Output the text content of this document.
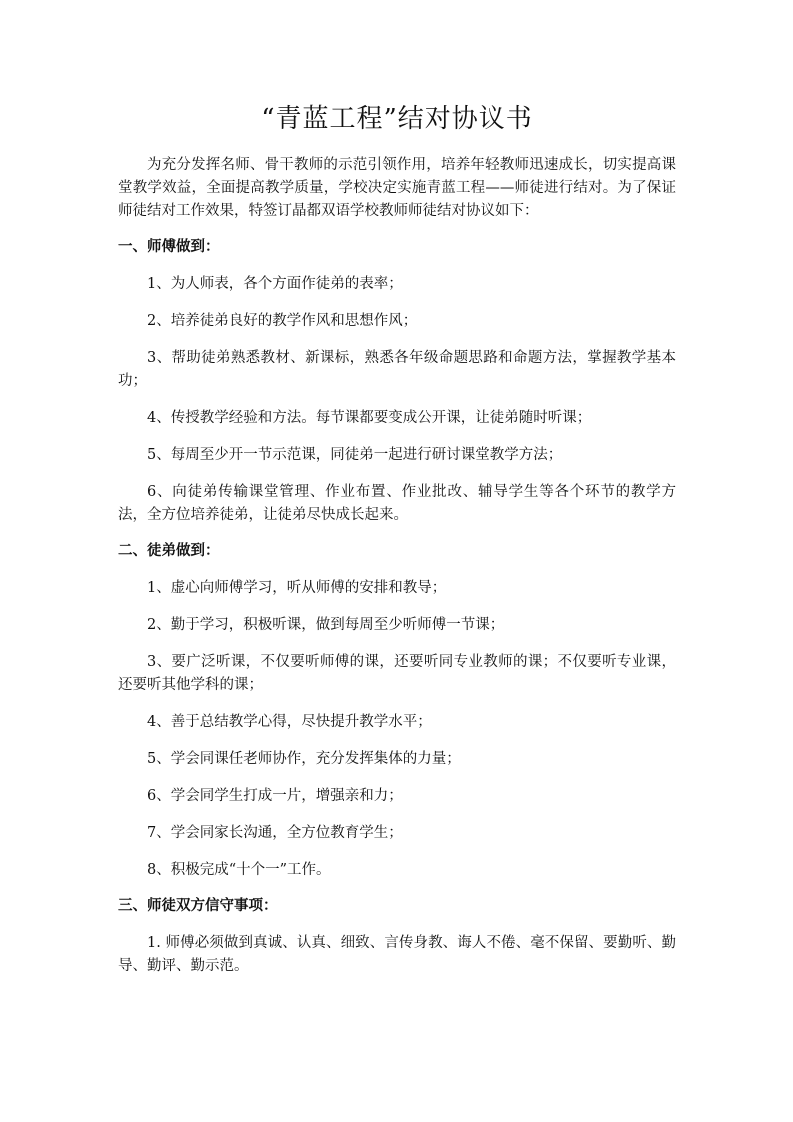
“青蓝工程”结对协议书

为充分发挥名师、骨干教师的示范引领作用，培养年轻教师迅速成长，切实提高课堂教学效益，全面提高教学质量，学校决定实施青蓝工程——师徒进行结对。为了保证师徒结对工作效果，特签订晶都双语学校教师师徒结对协议如下：

一、师傅做到：

1、为人师表，各个方面作徒弟的表率；

2、培养徒弟良好的教学作风和思想作风；

3、帮助徒弟熟悉教材、新课标，熟悉各年级命题思路和命题方法，掌握教学基本功；

4、传授教学经验和方法。每节课都要变成公开课，让徒弟随时听课；

5、每周至少开一节示范课，同徒弟一起进行研讨课堂教学方法；

6、向徒弟传输课堂管理、作业布置、作业批改、辅导学生等各个环节的教学方法，全方位培养徒弟，让徒弟尽快成长起来。

二、徒弟做到：

1、虚心向师傅学习，听从师傅的安排和教导；

2、勤于学习，积极听课，做到每周至少听师傅一节课；

3、要广泛听课，不仅要听师傅的课，还要听同专业教师的课；不仅要听专业课，还要听其他学科的课；

4、善于总结教学心得，尽快提升教学水平；

5、学会同课任老师协作，充分发挥集体的力量；

6、学会同学生打成一片，增强亲和力；

7、学会同家长沟通，全方位教育学生；

8、积极完成“十个一”工作。

三、师徒双方信守事项：

1. 师傅必须做到真诚、认真、细致、言传身教、诲人不倦、毫不保留、要勤听、勤导、勤评、勤示范。
